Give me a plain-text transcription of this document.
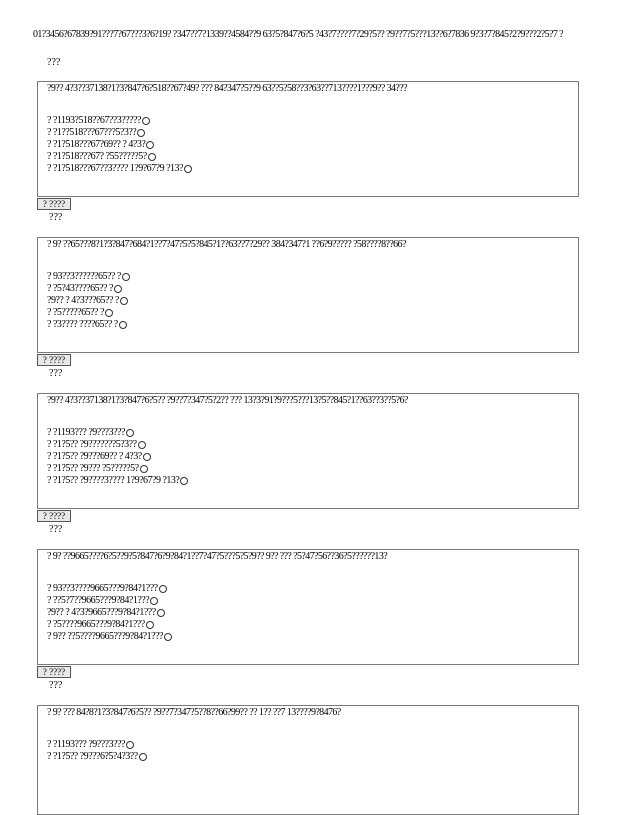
01?3456?67839?91???7?67???3?6?19? ?347??7?1339??4584??9 63?5?847?6?5 ?43?7????7?29?5?? ?9??7?5???13??6?7836 9?3?7?845?2?9???2?5?7 ?
???
?9?? 4?3??37138?1?3?847?6?518??67?49? ??? 84?347?5??9 63??5?58??3?63??713????1???9?? 34???
? ?1193?518??67??3?????
? ?1??518???67???5?3??
? ?1?518???67?69?? ? 4?3?
? ?1?518???67? ?55?????5?
? ?1?518???67??3???? 1?9?67?9 ?13?
? ????
???
? 9? ??65???8?1?3?847?684?1??7?47?5?5?845?1??63??7?29?? 384?347?1 ??6?9????? ?58????8??66?
? 93??3??????65?? ?
? ?5?43????65?? ?
?9?? ? 4?3???65?? ?
? ?5?????65?? ?
? ?3???? ????65?? ?
? ????
???
?9?? 4?3??37138?1?3?847?6?5?? ?9??7?347?5?2?? ??? 13?3?91?9???5???13?5??845?1??63??3??5?6?
? ?1193??? ?9???3???
? ?1?5?? ?9???????5?3??
? ?1?5?? ?9???69?? ? 4?3?
? ?1?5?? ?9??? ?5?????5?
? ?1?5?? ?9????3???? 1?9?67?9 ?13?
? ????
???
? 9? ??9665????6?5??9?5?847?6?9?84?1??7?47?5???5?5?9?? 9?? ??? ?5?47?56??36?5??????13?
? 93??3????9665???9?84?1???
? ??5?7??9665???9?84?1???
?9?? ? 4?3?9665???9?84?1???
? ?5????9665???9?84?1???
? 9?? ??5????9665???9?84?1???
? ????
???
? 9? ??? 84?8?1?3?847?6?5?? ?9??7?347?5??8??66?99?? ?? 1?? ??7 13????9?8476?
? ?1193??? ?9???3???
? ?1?5?? ?9???6?5?4?3??
